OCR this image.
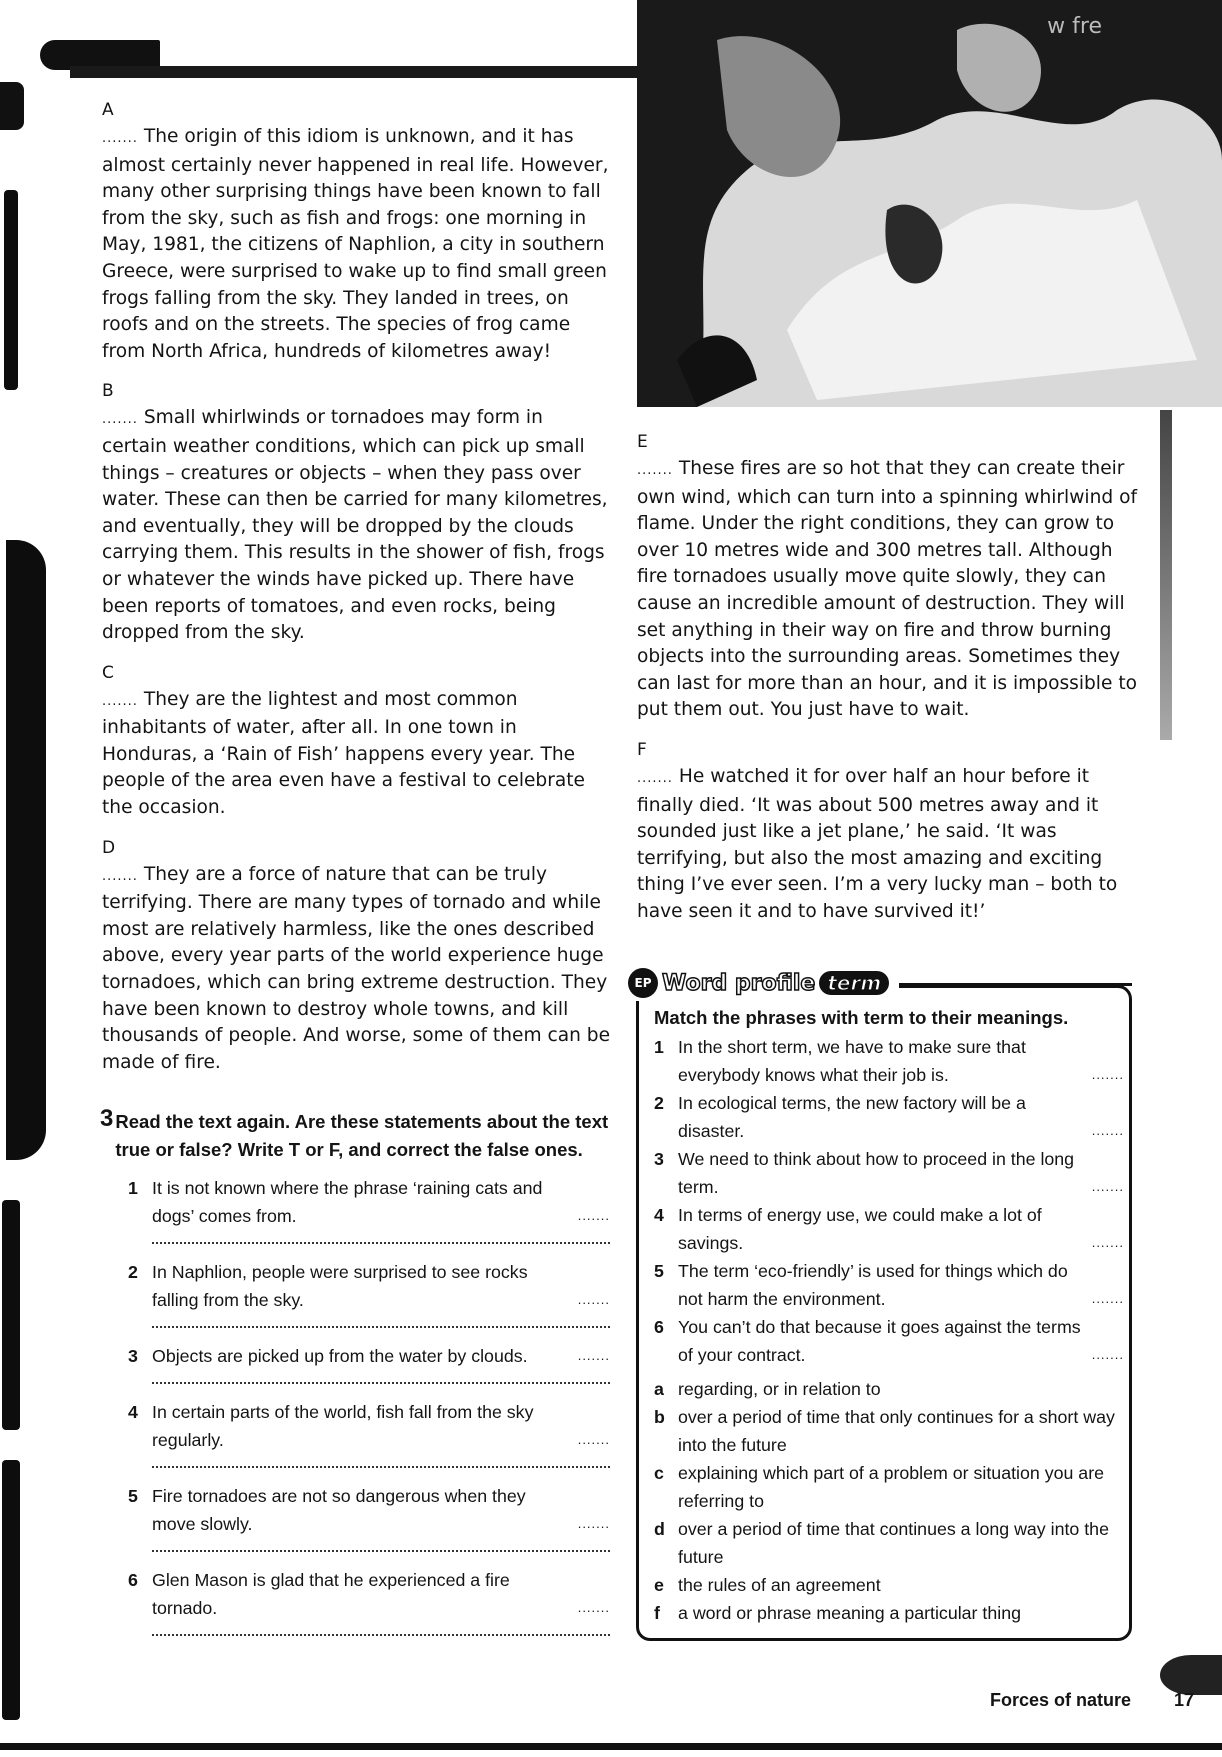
w fre

A

....... The origin of this idiom is unknown, and it has almost certainly never happened in real life. However, many other surprising things have been known to fall from the sky, such as fish and frogs: one morning in May, 1981, the citizens of Naphlion, a city in southern Greece, were surprised to wake up to find small green frogs falling from the sky. They landed in trees, on roofs and on the streets. The species of frog came from North Africa, hundreds of kilometres away!

B

....... Small whirlwinds or tornadoes may form in certain weather conditions, which can pick up small things – creatures or objects – when they pass over water. These can then be carried for many kilometres, and eventually, they will be dropped by the clouds carrying them. This results in the shower of fish, frogs or whatever the winds have picked up. There have been reports of tomatoes, and even rocks, being dropped from the sky.

C

....... They are the lightest and most common inhabitants of water, after all. In one town in Honduras, a ‘Rain of Fish’ happens every year. The people of the area even have a festival to celebrate the occasion.

D

....... They are a force of nature that can be truly terrifying. There are many types of tornado and while most are relatively harmless, like the ones described above, every year parts of the world experience huge tornadoes, which can bring extreme destruction. They have been known to destroy whole towns, and kill thousands of people. And worse, some of them can be made of fire.

E

....... These fires are so hot that they can create their own wind, which can turn into a spinning whirlwind of flame. Under the right conditions, they can grow to over 10 metres wide and 300 metres tall. Although fire tornadoes usually move quite slowly, they can cause an incredible amount of destruction. They will set anything in their way on fire and throw burning objects into the surrounding areas. Sometimes they can last for more than an hour, and it is impossible to put them out. You just have to wait.

F

....... He watched it for over half an hour before it finally died. ‘It was about 500 metres away and it sounded just like a jet plane,’ he said. ‘It was terrifying, but also the most amazing and exciting thing I’ve ever seen. I’m a very lucky man – both to have seen it and to have survived it!’

3 Read the text again. Are these statements about the text true or false? Write T or F, and correct the false ones.
1 It is not known where the phrase ‘raining cats and dogs’ comes from.	.......
2 In Naphlion, people were surprised to see rocks falling from the sky.	.......
3 Objects are picked up from the water by clouds.	.......
4 In certain parts of the world, fish fall from the sky regularly.	.......
5 Fire tornadoes are not so dangerous when they move slowly.	.......
6 Glen Mason is glad that he experienced a fire tornado.	.......
EP Word profile term
Match the phrases with term to their meanings.
1 In the short term, we have to make sure that everybody knows what their job is.	.......
2 In ecological terms, the new factory will be a disaster.	.......
3 We need to think about how to proceed in the long term.	.......
4 In terms of energy use, we could make a lot of savings.	.......
5 The term ‘eco-friendly’ is used for things which do not harm the environment.	.......
6 You can’t do that because it goes against the terms of your contract.	.......
a regarding, or in relation to
b over a period of time that only continues for a short way into the future
c explaining which part of a problem or situation you are referring to
d over a period of time that continues a long way into the future
e the rules of an agreement
f	a word or phrase meaning a particular thing
Forces of nature 17
